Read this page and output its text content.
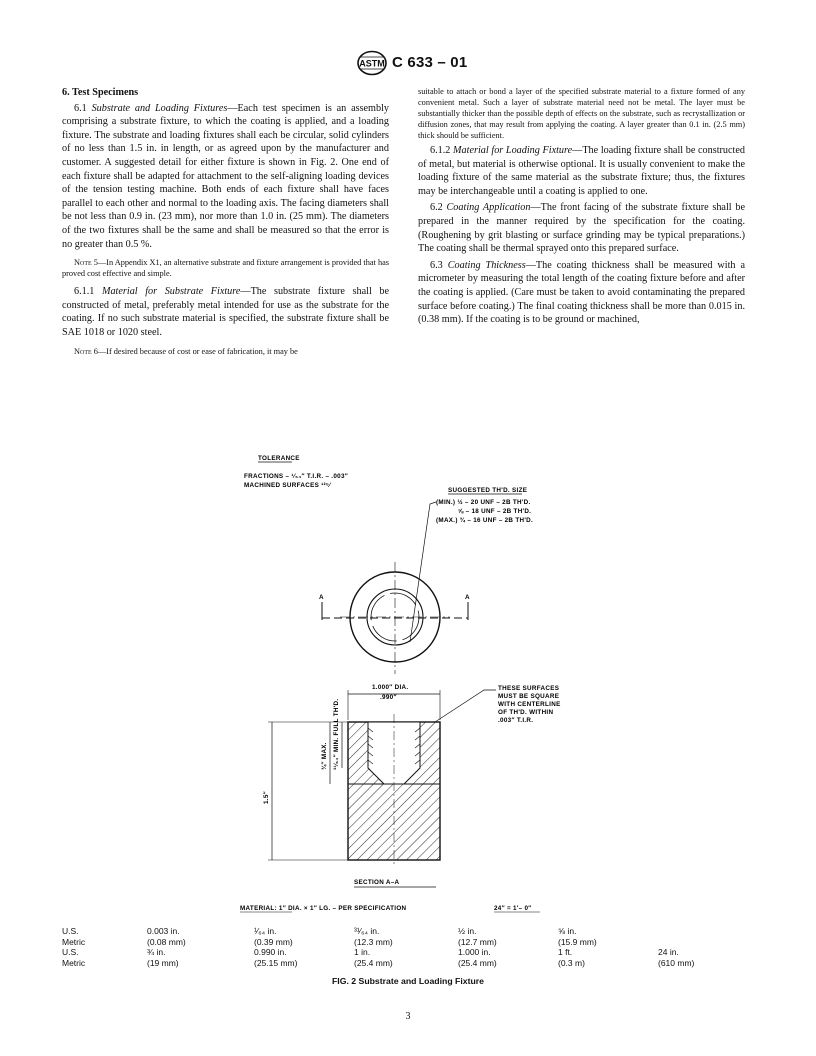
ASTM C 633 – 01
6. Test Specimens

6.1 Substrate and Loading Fixtures—Each test specimen is an assembly comprising a substrate fixture, to which the coating is applied, and a loading fixture. The substrate and loading fixtures shall each be circular, solid cylinders of no less than 1.5 in. in length, or as agreed upon by the manufacturer and customer. A suggested detail for either fixture is shown in Fig. 2. One end of each fixture shall be adapted for attachment to the self-aligning loading devices of the tension testing machine. Both ends of each fixture shall have faces parallel to each other and normal to the loading axis. The facing diameters shall be not less than 0.9 in. (23 mm), nor more than 1.0 in. (25 mm). The diameters of the two fixtures shall be the same and shall be measured so that the error is no greater than 0.5 %.

Note 5—In Appendix X1, an alternative substrate and fixture arrangement is provided that has proved cost effective and simple.

6.1.1 Material for Substrate Fixture—The substrate fixture shall be constructed of metal, preferably metal intended for use as the substrate for the coating. If no such substrate material is specified, the substrate fixture shall be SAE 1018 or 1020 steel.

Note 6—If desired because of cost or ease of fabrication, it may be

suitable to attach or bond a layer of the specified substrate material to a fixture formed of any convenient metal. Such a layer of substrate material need not be metal. The layer must be substantially thicker than the possible depth of effects on the substrate, such as recrystallization or diffusion zones, that may result from applying the coating. A layer greater than 0.1 in. (2.5 mm) thick should be sufficient.

6.1.2 Material for Loading Fixture—The loading fixture shall be constructed of metal, but material is otherwise optional. It is usually convenient to make the loading fixture of the same material as the substrate fixture; thus, the fixtures may be interchangeable until a coating is applied to one.

6.2 Coating Application—The front facing of the substrate fixture shall be prepared in the manner required by the specification for the coating. (Roughening by grit blasting or surface grinding may be typical preparations.) The coating shall be thermal sprayed onto this prepared surface.

6.3 Coating Thickness—The coating thickness shall be measured with a micrometer by measuring the total length of the coating fixture before and after the coating is applied. (Care must be taken to avoid contaminating the prepared surface before coating.) The final coating thickness shall be more than 0.015 in. (0.38 mm). If the coating is to be ground or machined,

TOLERANCE
FRACTIONS – ¹⁄₆₄″ T.I.R. – .003″
MACHINED SURFACES ¹²⁵⁄
SUGGESTED TH'D. SIZE
(MIN.) ½ – 20 UNF – 2B TH'D.
⅝ – 18 UNF – 2B TH'D.
(MAX.) ¾ – 16 UNF – 2B TH'D.
A	A
1.000″ DIA.
.990″
THESE SURFACES
MUST BE SQUARE
WITH CENTERLINE
OF TH'D. WITHIN
.003″ T.I.R.
1.5″
¾″ MAX. ³¹⁄₆₄″ MIN. FULL TH'D.
SECTION A–A
MATERIAL: 1″ DIA. × 1″ LG. – PER SPECIFICATION	24″ = 1′– 0″
U.S.	0.003 in.	¹⁄₆₄ in.	³¹⁄₆₄ in.	½ in.	⅝ in.	
Metric	(0.08 mm)	(0.39 mm)	(12.3 mm)	(12.7 mm)	(15.9 mm)	
U.S.	¾ in.	0.990 in.	1 in.	1.000 in.	1 ft.	24 in.
Metric	(19 mm)	(25.15 mm)	(25.4 mm)	(25.4 mm)	(0.3 m)	(610 mm)
FIG. 2 Substrate and Loading Fixture
3
